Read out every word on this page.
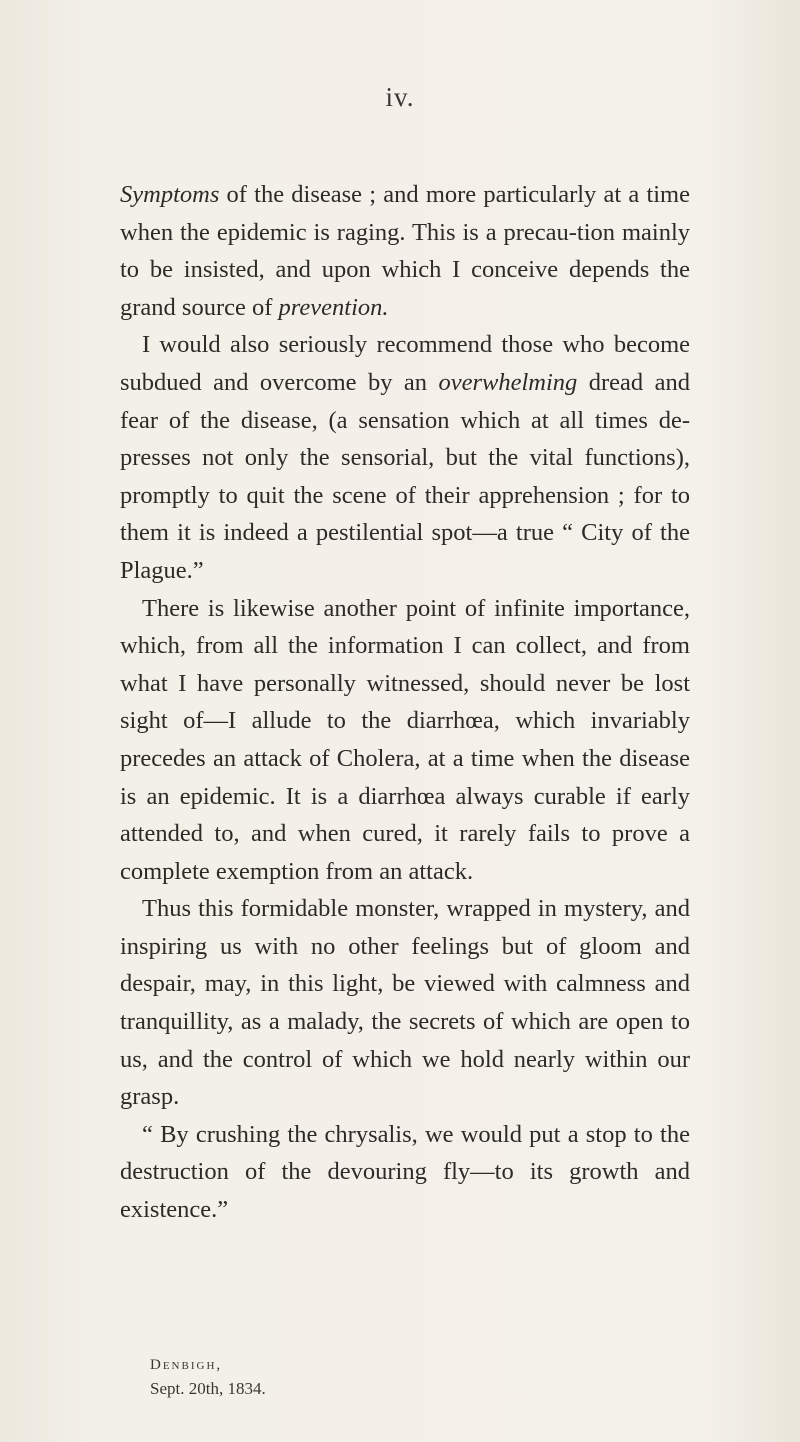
iv.

Symptoms of the disease ; and more particularly at a time when the epidemic is raging. This is a precau-tion mainly to be insisted, and upon which I conceive depends the grand source of prevention.

I would also seriously recommend those who become subdued and overcome by an overwhelming dread and fear of the disease, (a sensation which at all times de-presses not only the sensorial, but the vital functions), promptly to quit the scene of their apprehension ; for to them it is indeed a pestilential spot—a true “ City of the Plague.”

There is likewise another point of infinite importance, which, from all the information I can collect, and from what I have personally witnessed, should never be lost sight of—I allude to the diarrhœa, which invariably precedes an attack of Cholera, at a time when the disease is an epidemic. It is a diarrhœa always curable if early attended to, and when cured, it rarely fails to prove a complete exemption from an attack.

Thus this formidable monster, wrapped in mystery, and inspiring us with no other feelings but of gloom and despair, may, in this light, be viewed with calmness and tranquillity, as a malady, the secrets of which are open to us, and the control of which we hold nearly within our grasp.

“ By crushing the chrysalis, we would put a stop to the destruction of the devouring fly—to its growth and existence.”

Denbigh,
Sept. 20th, 1834.
